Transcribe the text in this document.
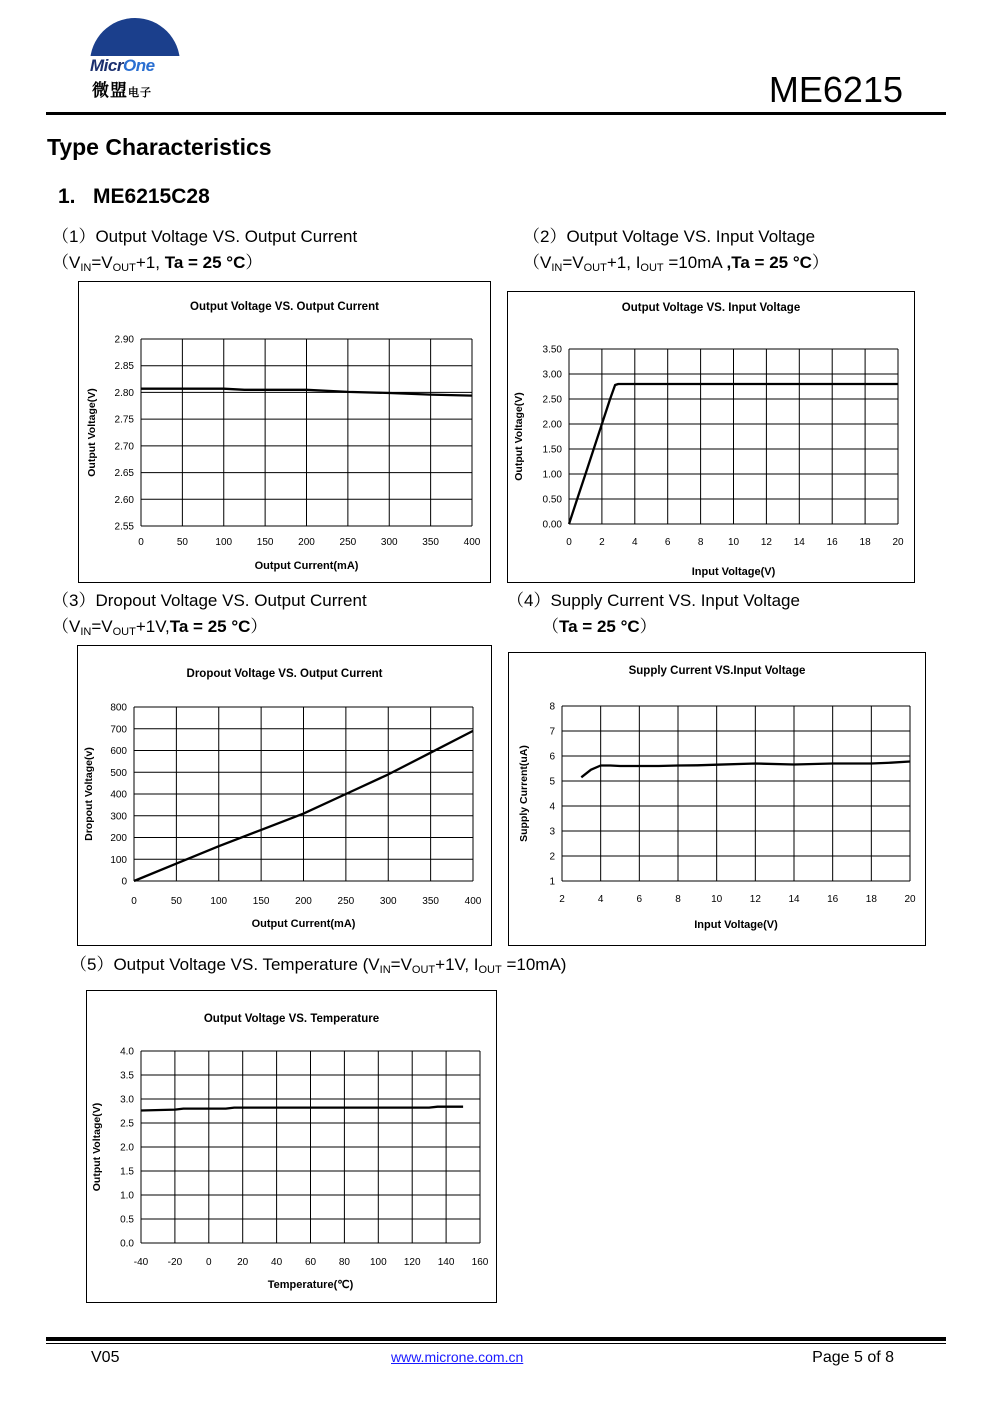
MicrOne
微盟电子	ME6215
Type Characteristics
1.   ME6215C28
（1）Output Voltage VS. Output Current
（$V_{IN}=V_{OUT}+1$, Ta = 25 °C）
（2）Output Voltage VS. Input Voltage
（$V_{IN}=V_{OUT}+1$, $I_{OUT} =10mA$ ,Ta = 25 °C）
（3）Dropout Voltage VS. Output Current
（$V_{IN}=V_{OUT}+1V,Ta = 25$ °C）
（4）Supply Current VS. Input Voltage
（Ta = 25 °C）
（5）Output Voltage VS. Temperature ($V_{IN}=V_{OUT}+1V$, $I_{OUT} =10mA$)
Output Voltage VS. Output Current
0	50	100 150 200 250 300 350 400
2.55
2.60
2.65
2.70
2.75
2.80
2.85
2.90
Output Current(mA)
Output Voltage(V)
Output Voltage VS. Input Voltage
0	2	4	6	8 10 12 14 16 18 20
0.00
0.50
1.00
1.50
2.00
2.50
3.00
3.50
Input Voltage(V)
Output Voltage(V)
Dropout Voltage VS. Output Current
0	50	100	150	200	250	300	350	400
0
100
200
300
400
500
600
700
800
Output Current(mA)
Dropout Voltage(v)
Supply Current VS.Input Voltage
2	4	6	8	10	12	14	16	18	20
1
2
3
4
5
6
7
8
Input Voltage(V)
Supply Current(uA)
Output Voltage VS. Temperature
-40 -20 0	20 40 60 80 100 120 140 160
0.0
0.5
1.0
1.5
2.0
2.5
3.0
3.5
4.0
Temperature(℃)
Output Voltage(V)
V05	www.microne.com.cn	Page 5 of 8
